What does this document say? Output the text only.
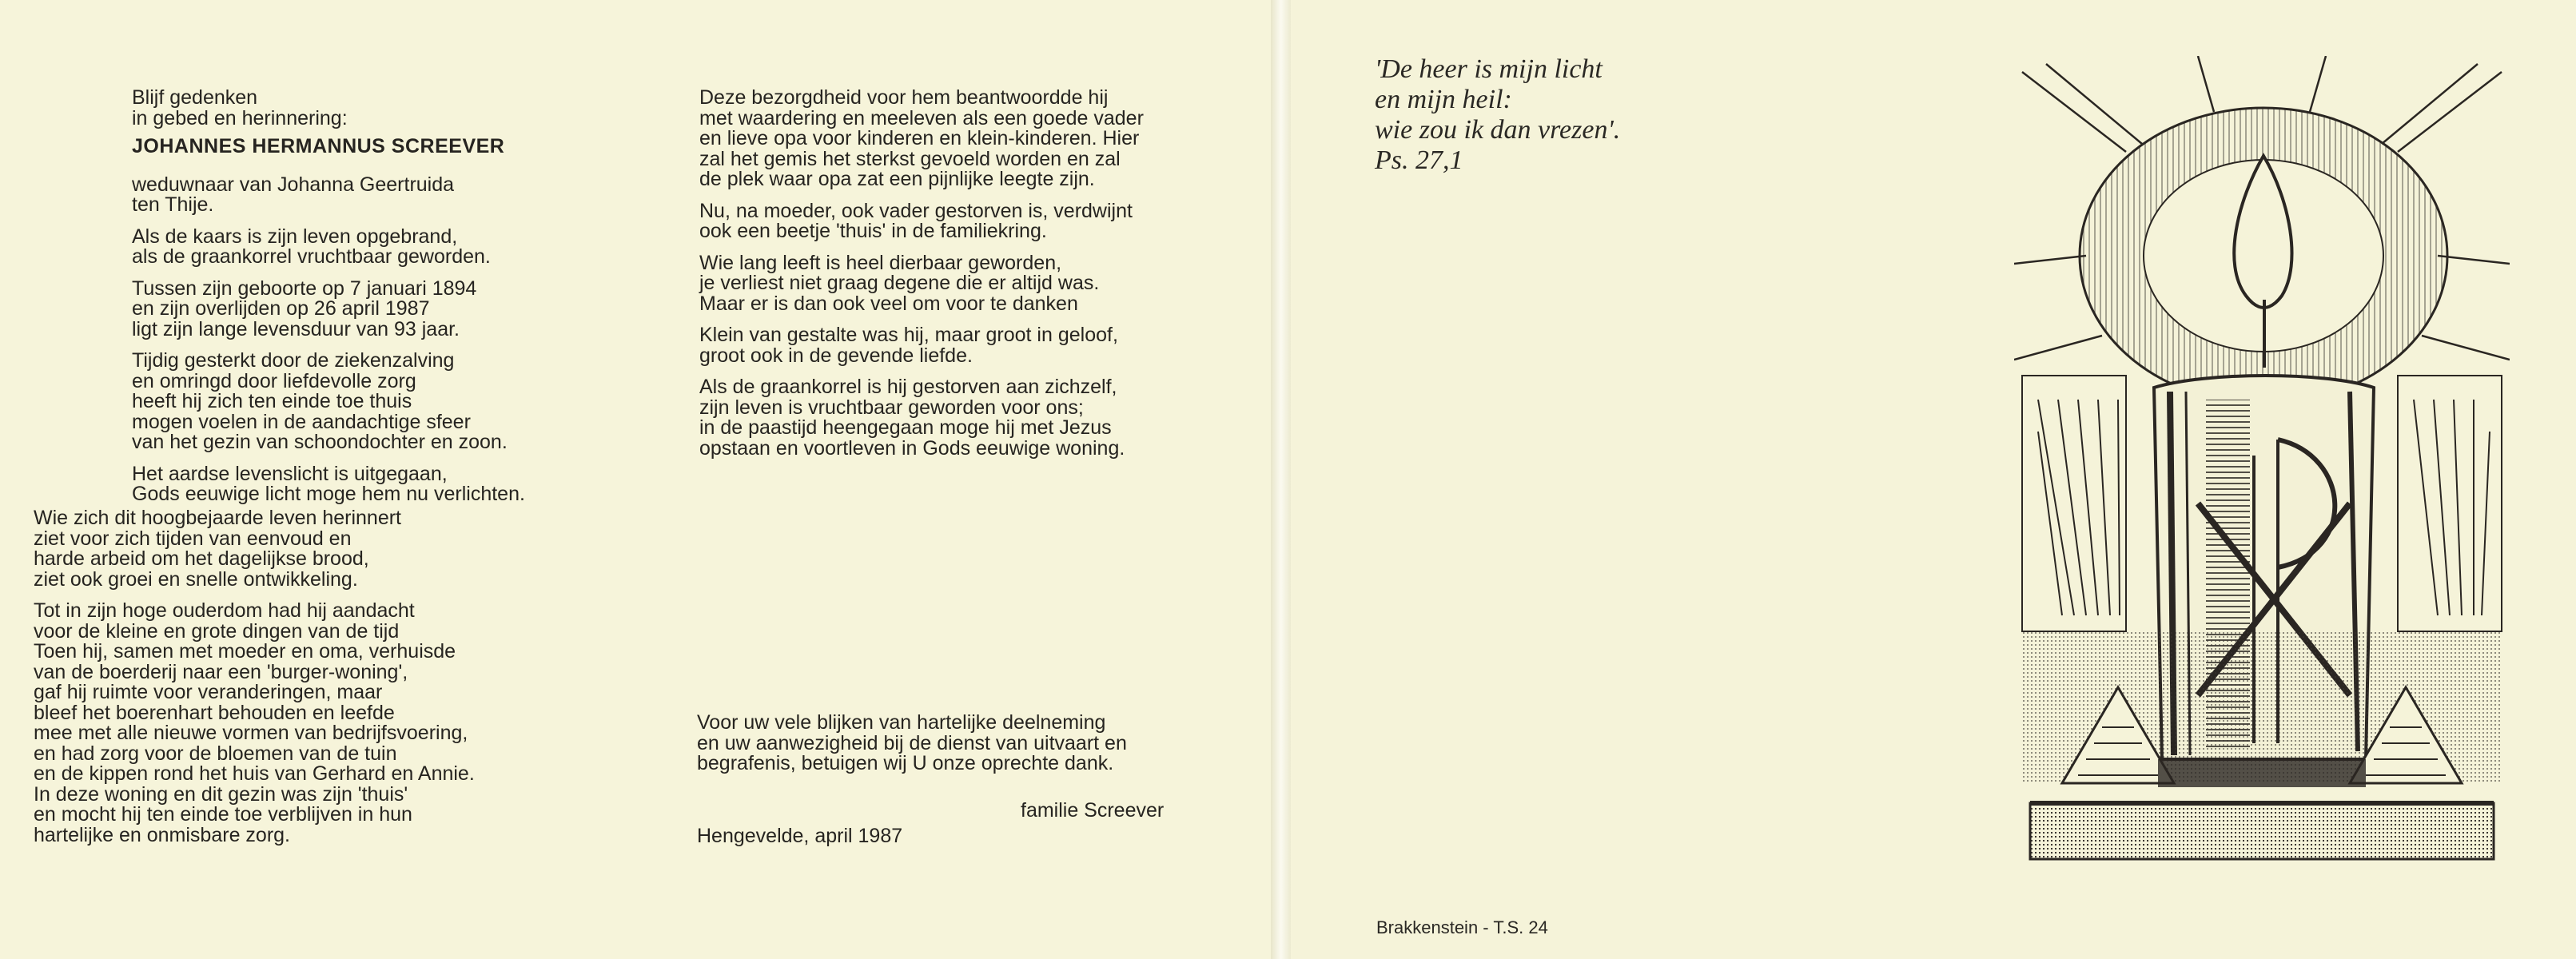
Blijf gedenken
in gebed en herinnering:

JOHANNES HERMANNUS SCREEVER

weduwnaar van Johanna Geertruida
ten Thije.

Als de kaars is zijn leven opgebrand,
als de graankorrel vruchtbaar geworden.

Tussen zijn geboorte op 7 januari 1894
en zijn overlijden op 26 april 1987
ligt zijn lange levensduur van 93 jaar.

Tijdig gesterkt door de ziekenzalving
en omringd door liefdevolle zorg
heeft hij zich ten einde toe thuis
mogen voelen in de aandachtige sfeer
van het gezin van schoondochter en zoon.

Het aardse levenslicht is uitgegaan,
Gods eeuwige licht moge hem nu verlichten.

Wie zich dit hoogbejaarde leven herinnert
ziet voor zich tijden van eenvoud en
harde arbeid om het dagelijkse brood,
ziet ook groei en snelle ontwikkeling.

Tot in zijn hoge ouderdom had hij aandacht
voor de kleine en grote dingen van de tijd
Toen hij, samen met moeder en oma, verhuisde
van de boerderij naar een 'burger-woning',
gaf hij ruimte voor veranderingen, maar
bleef het boerenhart behouden en leefde
mee met alle nieuwe vormen van bedrijfsvoering,
en had zorg voor de bloemen van de tuin
en de kippen rond het huis van Gerhard en Annie.
In deze woning en dit gezin was zijn 'thuis'
en mocht hij ten einde toe verblijven in hun
hartelijke en onmisbare zorg.

Deze bezorgdheid voor hem beantwoordde hij
met waardering en meeleven als een goede vader
en lieve opa voor kinderen en klein-kinderen. Hier
zal het gemis het sterkst gevoeld worden en zal
de plek waar opa zat een pijnlijke leegte zijn.

Nu, na moeder, ook vader gestorven is, verdwijnt
ook een beetje 'thuis' in de familiekring.

Wie lang leeft is heel dierbaar geworden,
je verliest niet graag degene die er altijd was.
Maar er is dan ook veel om voor te danken

Klein van gestalte was hij, maar groot in geloof,
groot ook in de gevende liefde.

Als de graankorrel is hij gestorven aan zichzelf,
zijn leven is vruchtbaar geworden voor ons;
in de paastijd heengegaan moge hij met Jezus
opstaan en voortleven in Gods eeuwige woning.

Voor uw vele blijken van hartelijke deelneming
en uw aanwezigheid bij de dienst van uitvaart en
begrafenis, betuigen wij U onze oprechte dank.

familie Screever
Hengevelde, april 1987
'De heer is mijn licht
en mijn heil:
wie zou ik dan vrezen'.
Ps. 27,1
Brakkenstein - T.S. 24
